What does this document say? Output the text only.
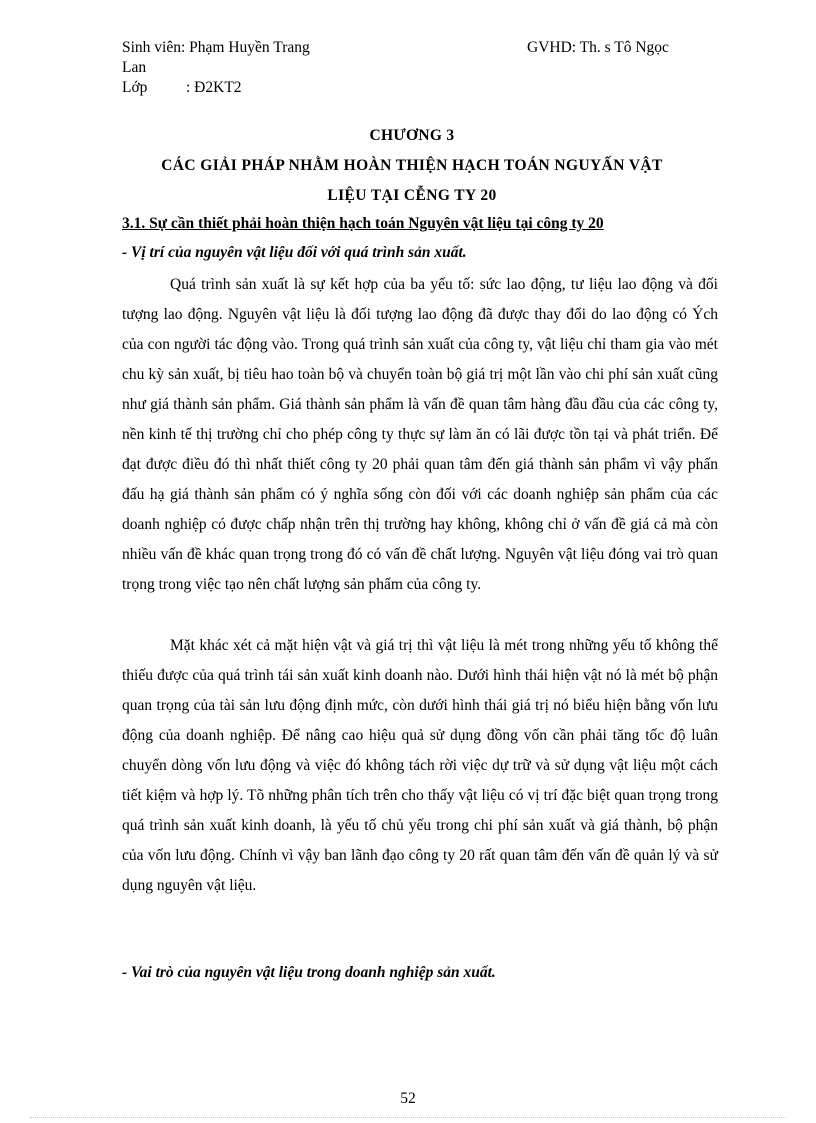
Sinh viên: Phạm Huyền Trang	GVHD: Th. s Tô Ngọc
Lan
Lớp : Đ2KT2
CHƯƠNG 3
CÁC GIẢI PHÁP NHẰM HOÀN THIỆN HẠCH TOÁN NGUYẤN VẬT
LIỆU TẠI CỄNG TY 20
3.1. Sự cần thiết phải hoàn thiện hạch toán Nguyên vật liệu tại công ty 20
- Vị trí của nguyên vật liệu đối với quá trình sản xuất.

Quá trình sản xuất là sự kết hợp của ba yếu tố: sức lao động, tư liệu lao động và đối tượng lao động. Nguyên vật liệu là đối tượng lao động đã được thay đổi do lao động có Ých của con người tác động vào. Trong quá trình sản xuất của công ty, vật liệu chỉ tham gia vào mét chu kỳ sản xuất, bị tiêu hao toàn bộ và chuyển toàn bộ giá trị một lần vào chi phí sản xuất cũng như giá thành sản phẩm. Giá thành sản phẩm là vấn đề quan tâm hàng đầu đầu của các công ty, nền kinh tế thị trường chỉ cho phép công ty thực sự làm ăn có lãi được tồn tại và phát triển. Để đạt được điều đó thì nhất thiết công ty 20 phải quan tâm đến giá thành sản phẩm vì vậy phấn đấu hạ giá thành sản phẩm có ý nghĩa sống còn đối với các doanh nghiệp sản phẩm của các doanh nghiệp có được chấp nhận trên thị trường hay không, không chỉ ở vấn đề giá cả mà còn nhiều vấn đề khác quan trọng trong đó có vấn đề chất lượng. Nguyên vật liệu đóng vai trò quan trọng trong việc tạo nên chất lượng sản phẩm của công ty.

Mặt khác xét cả mặt hiện vật và giá trị thì vật liệu là mét trong những yếu tố không thể thiếu được của quá trình tái sản xuất kinh doanh nào. Dưới hình thái hiện vật nó là mét bộ phận quan trọng của tài sản lưu động định mức, còn dưới hình thái giá trị nó biểu hiện bằng vốn lưu động của doanh nghiệp. Để nâng cao hiệu quả sử dụng đồng vốn cần phải tăng tốc độ luân chuyển dòng vốn lưu động và việc đó không tách rời việc dự trữ và sử dụng vật liệu một cách tiết kiệm và hợp lý. Tõ những phân tích trên cho thấy vật liệu có vị trí đặc biệt quan trọng trong quá trình sản xuất kinh doanh, là yếu tố chủ yếu trong chi phí sản xuất và giá thành, bộ phận của vốn lưu động. Chính vì vậy ban lãnh đạo công ty 20 rất quan tâm đến vấn đề quản lý và sử dụng nguyên vật liệu.

- Vai trò của nguyên vật liệu trong doanh nghiệp sản xuất.
52
